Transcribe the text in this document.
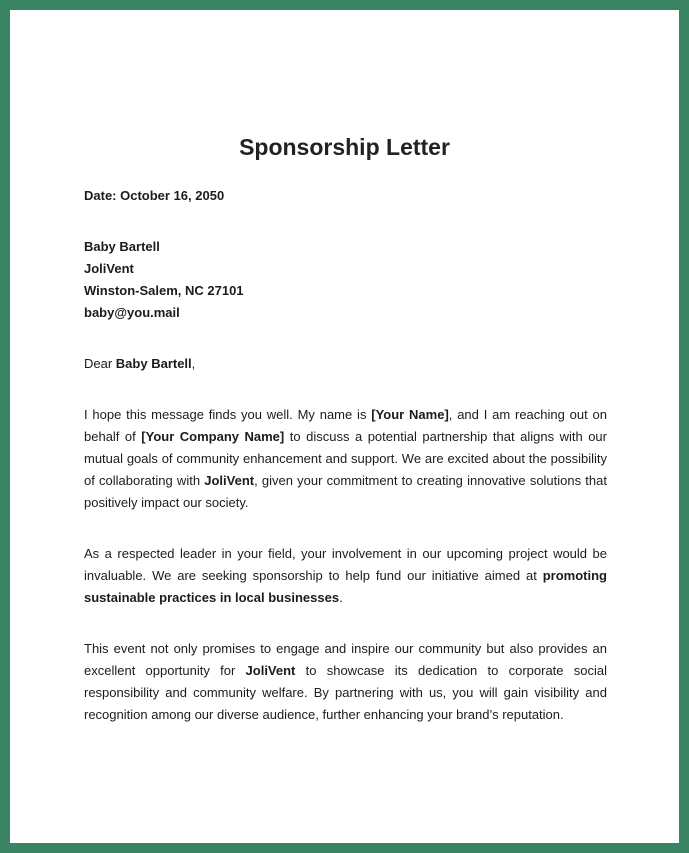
Sponsorship Letter

Date: October 16, 2050

Baby Bartell
JoliVent
Winston-Salem, NC 27101
baby@you.mail

Dear Baby Bartell,

I hope this message finds you well. My name is [Your Name], and I am reaching out on behalf of [Your Company Name] to discuss a potential partnership that aligns with our mutual goals of community enhancement and support. We are excited about the possibility of collaborating with JoliVent, given your commitment to creating innovative solutions that positively impact our society.

As a respected leader in your field, your involvement in our upcoming project would be invaluable. We are seeking sponsorship to help fund our initiative aimed at promoting sustainable practices in local businesses.

This event not only promises to engage and inspire our community but also provides an excellent opportunity for JoliVent to showcase its dedication to corporate social responsibility and community welfare. By partnering with us, you will gain visibility and recognition among our diverse audience, further enhancing your brand’s reputation.
